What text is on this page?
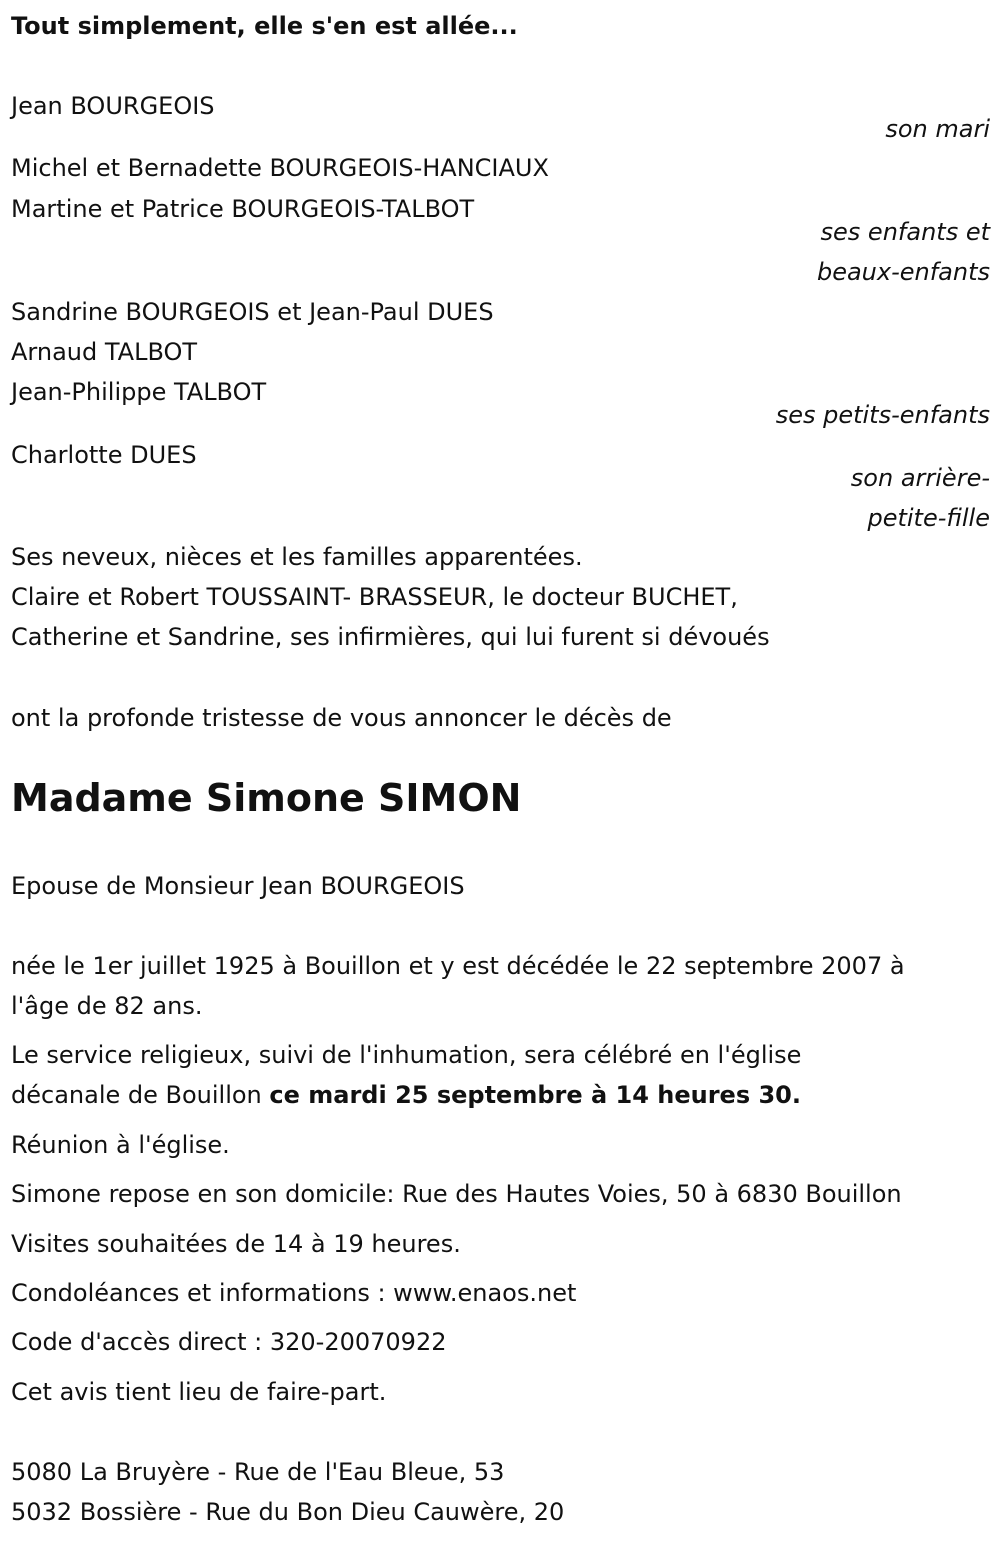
Tout simplement, elle s'en est allée...
Jean BOURGEOIS
son mari
Michel et Bernadette BOURGEOIS-HANCIAUX
Martine et Patrice BOURGEOIS-TALBOT
ses enfants et
beaux-enfants
Sandrine BOURGEOIS et Jean-Paul DUES
Arnaud TALBOT
Jean-Philippe TALBOT
ses petits-enfants
Charlotte DUES
son arrière-
petite-fille
Ses neveux, nièces et les familles apparentées.
Claire et Robert TOUSSAINT- BRASSEUR, le docteur BUCHET,
Catherine et Sandrine, ses infirmières, qui lui furent si dévoués
ont la profonde tristesse de vous annoncer le décès de
Madame Simone SIMON
Epouse de Monsieur Jean BOURGEOIS
née le 1er juillet 1925 à Bouillon et y est décédée le 22 septembre 2007 à
l'âge de 82 ans.
Le service religieux, suivi de l'inhumation, sera célébré en l'église
décanale de Bouillon ce mardi 25 septembre à 14 heures 30.
Réunion à l'église.
Simone repose en son domicile: Rue des Hautes Voies, 50 à 6830 Bouillon
Visites souhaitées de 14 à 19 heures.
Condoléances et informations : www.enaos.net
Code d'accès direct : 320-20070922
Cet avis tient lieu de faire-part.
5080 La Bruyère - Rue de l'Eau Bleue, 53
5032 Bossière - Rue du Bon Dieu Cauwère, 20
